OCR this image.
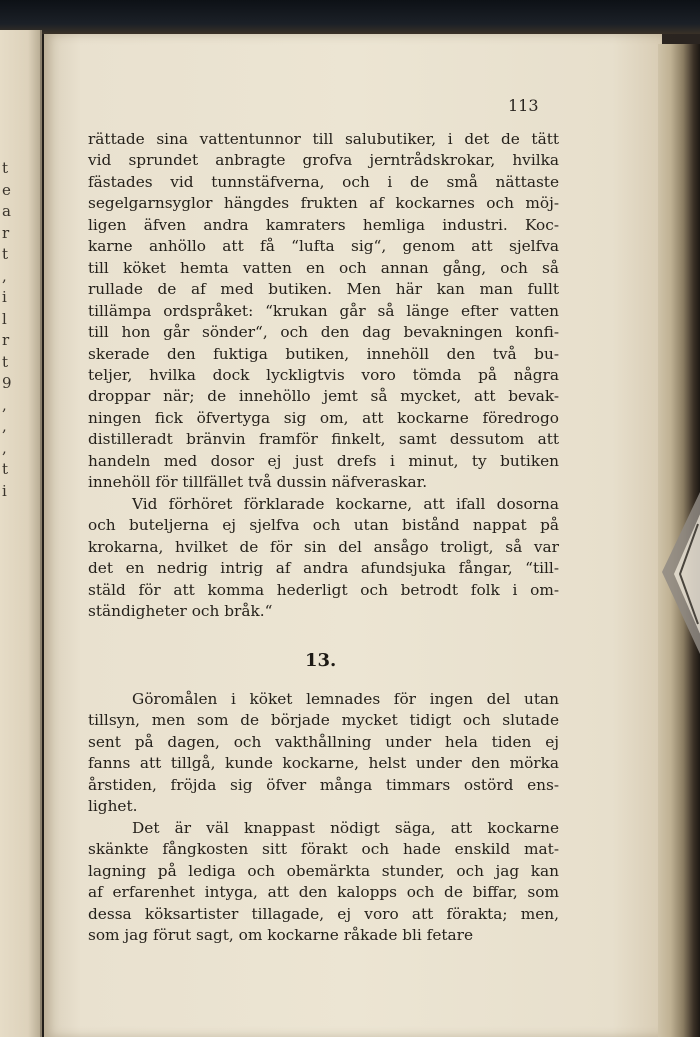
t
e
a
r
t
,
i
l
r
t
9
,
,
,
t
i
113
rättade sina vattentunnor till salubutiker, i det de tätt
vid sprundet anbragte grofva jerntrådskrokar, hvilka
fästades vid tunnstäfverna, och i de små nättaste
segelgarnsyglor hängdes frukten af kockarnes och möj-
ligen äfven andra kamraters hemliga industri. Koc-
karne anhöllo att få “lufta sig“, genom att sjelfva
till köket hemta vatten en och annan gång, och så
rullade de af med butiken. Men här kan man fullt
tillämpa ordspråket: “krukan går så länge efter vatten
till hon går sönder“, och den dag bevakningen konfi-
skerade den fuktiga butiken, innehöll den två bu-
teljer, hvilka dock lyckligtvis voro tömda på några
droppar när; de innehöllo jemt så mycket, att bevak-
ningen fick öfvertyga sig om, att kockarne föredrogo
distilleradt bränvin framför finkelt, samt dessutom att
handeln med dosor ej just drefs i minut, ty butiken
innehöll för tillfället två dussin näfveraskar.
Vid förhöret förklarade kockarne, att ifall dosorna
och buteljerna ej sjelfva och utan bistånd nappat på
krokarna, hvilket de för sin del ansågo troligt, så var
det en nedrig intrig af andra afundsjuka fångar, “till-
stäld för att komma hederligt och betrodt folk i om-
ständigheter och bråk.“
13.
Göromålen i köket lemnades för ingen del utan
tillsyn, men som de började mycket tidigt och slutade
sent på dagen, och vakthållning under hela tiden ej
fanns att tillgå, kunde kockarne, helst under den mörka
årstiden, fröjda sig öfver många timmars ostörd ens-
lighet.
Det är väl knappast nödigt säga, att kockarne
skänkte fångkosten sitt förakt och hade enskild mat-
lagning på lediga och obemärkta stunder, och jag kan
af erfarenhet intyga, att den kalopps och de biffar, som
dessa köksartister tillagade, ej voro att förakta; men,
som jag förut sagt, om kockarne råkade bli fetare
